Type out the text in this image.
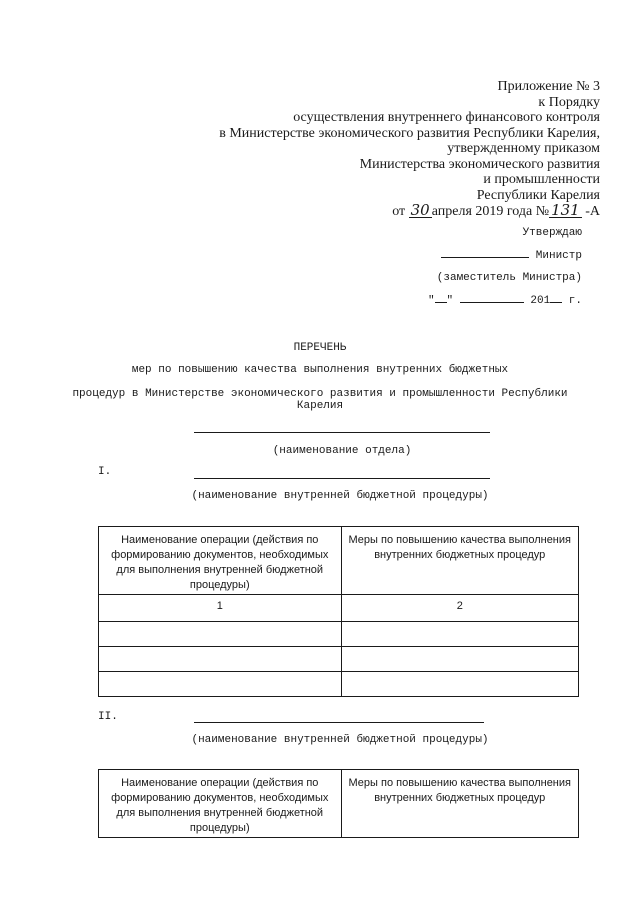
Приложение № 3
к Порядку
осуществления внутреннего финансового контроля
в Министерстве экономического развития Республики Карелия,
утвержденному приказом
Министерства экономического развития
и промышленности
Республики Карелия
от 30 апреля 2019 года № 131 -А
Утверждаю
Министр
(заместитель Министра)
" "	201 г.
ПЕРЕЧЕНЬ
мер по повышению качества выполнения внутренних бюджетных
процедур в Министерстве экономического развития и промышленности Республики
Карелия
(наименование отдела)
I.
(наименование внутренней бюджетной процедуры)
Наименование операции (действия по формированию документов, необходимых для выполнения внутренней бюджетной процедуры)	Меры по повышению качества выполнения внутренних бюджетных процедур
1	2

II.
(наименование внутренней бюджетной процедуры)
Наименование операции (действия по формированию документов, необходимых для выполнения внутренней бюджетной процедуры)	Меры по повышению качества выполнения внутренних бюджетных процедур
